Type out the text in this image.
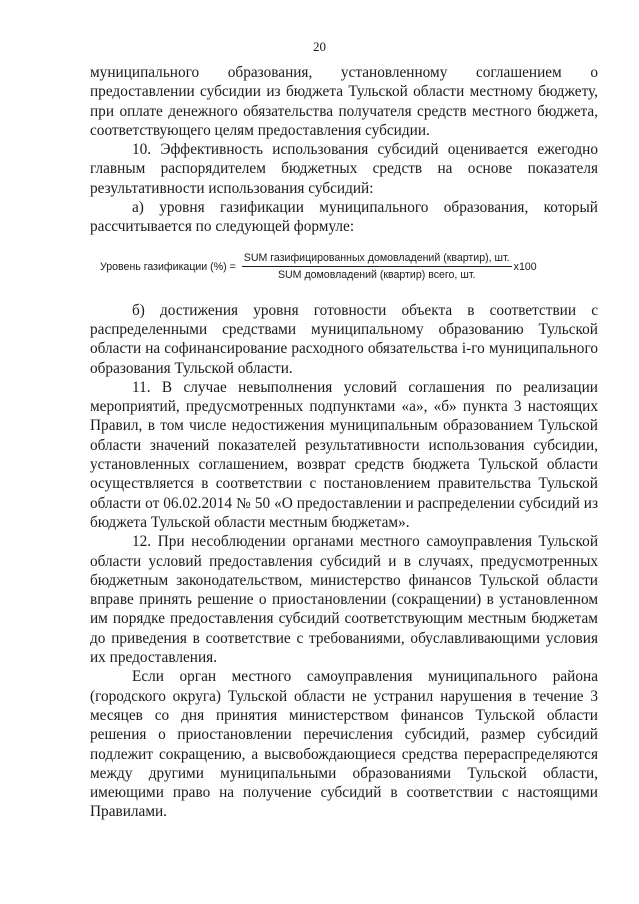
20

муниципального образования, установленному соглашением о предоставлении субсидии из бюджета Тульской области местному бюджету, при оплате денежного обязательства получателя средств местного бюджета, соответствующего целям предоставления субсидии.

10. Эффективность использования субсидий оценивается ежегодно главным распорядителем бюджетных средств на основе показателя результативности использования субсидий:

а) уровня газификации муниципального образования, который рассчитывается по следующей формуле:

Уровень газификации (%) = $\frac{\text{SUM газифицированных домовладений (квартир), шт.}}{\text{SUM домовладений (квартир) всего, шт.}} x100$

б) достижения уровня готовности объекта в соответствии с распределенными средствами муниципальному образованию Тульской области на софинансирование расходного обязательства i-го муниципального образования Тульской области.

11. В случае невыполнения условий соглашения по реализации мероприятий, предусмотренных подпунктами «а», «б» пункта 3 настоящих Правил, в том числе недостижения муниципальным образованием Тульской области значений показателей результативности использования субсидии, установленных соглашением, возврат средств бюджета Тульской области осуществляется в соответствии с постановлением правительства Тульской области от 06.02.2014 № 50 «О предоставлении и распределении субсидий из бюджета Тульской области местным бюджетам».

12. При несоблюдении органами местного самоуправления Тульской области условий предоставления субсидий и в случаях, предусмотренных бюджетным законодательством, министерство финансов Тульской области вправе принять решение о приостановлении (сокращении) в установленном им порядке предоставления субсидий соответствующим местным бюджетам до приведения в соответствие с требованиями, обуславливающими условия их предоставления.

Если орган местного самоуправления муниципального района (городского округа) Тульской области не устранил нарушения в течение 3 месяцев со дня принятия министерством финансов Тульской области решения о приостановлении перечисления субсидий, размер субсидий подлежит сокращению, а высвобождающиеся средства перераспределяются между другими муниципальными образованиями Тульской области, имеющими право на получение субсидий в соответствии с настоящими Правилами.
